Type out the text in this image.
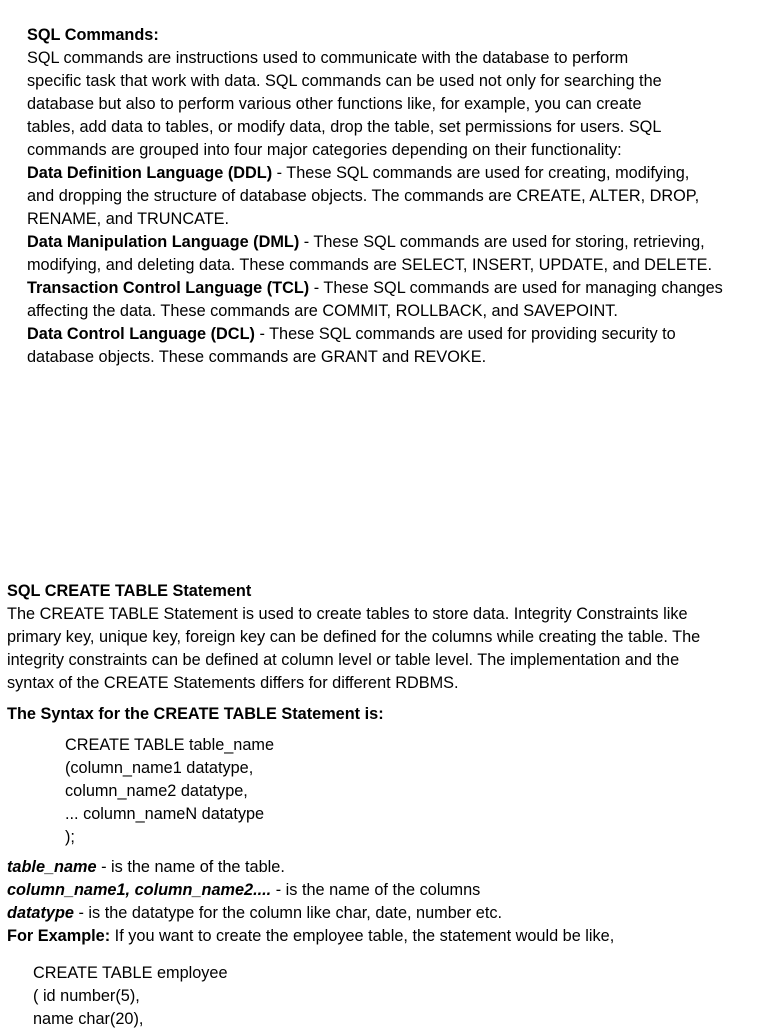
SQL Commands:
SQL commands are instructions used to communicate with the database to perform
specific task that work with data. SQL commands can be used not only for searching the
database but also to perform various other functions like, for example, you can create
tables, add data to tables, or modify data, drop the table, set permissions for users. SQL
commands are grouped into four major categories depending on their functionality:
Data Definition Language (DDL) - These SQL commands are used for creating, modifying,
and dropping the structure of database objects. The commands are CREATE, ALTER, DROP,
RENAME, and TRUNCATE.
Data Manipulation Language (DML) - These SQL commands are used for storing, retrieving,
modifying, and deleting data. These commands are SELECT, INSERT, UPDATE, and DELETE.
Transaction Control Language (TCL) - These SQL commands are used for managing changes
affecting the data. These commands are COMMIT, ROLLBACK, and SAVEPOINT.
Data Control Language (DCL) - These SQL commands are used for providing security to
database objects. These commands are GRANT and REVOKE.
SQL CREATE TABLE Statement
The CREATE TABLE Statement is used to create tables to store data. Integrity Constraints like
primary key, unique key, foreign key can be defined for the columns while creating the table. The
integrity constraints can be defined at column level or table level. The implementation and the
syntax of the CREATE Statements differs for different RDBMS.
The Syntax for the CREATE TABLE Statement is:
CREATE TABLE table_name
(column_name1 datatype,
column_name2 datatype,
... column_nameN datatype
);
table_name - is the name of the table.
column_name1, column_name2.... - is the name of the columns
datatype - is the datatype for the column like char, date, number etc.
For Example: If you want to create the employee table, the statement would be like,
CREATE TABLE employee
( id number(5),
name char(20),
